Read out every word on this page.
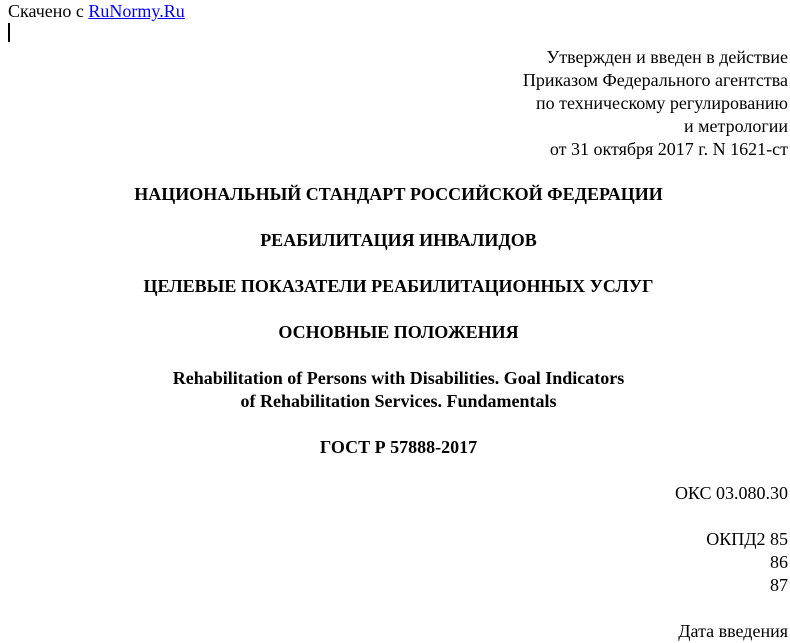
Скачено с RuNormy.Ru
Утвержден и введен в действие
Приказом Федерального агентства
по техническому регулированию
и метрологии
от 31 октября 2017 г. N 1621-ст
НАЦИОНАЛЬНЫЙ СТАНДАРТ РОССИЙСКОЙ ФЕДЕРАЦИИ
РЕАБИЛИТАЦИЯ ИНВАЛИДОВ
ЦЕЛЕВЫЕ ПОКАЗАТЕЛИ РЕАБИЛИТАЦИОННЫХ УСЛУГ
ОСНОВНЫЕ ПОЛОЖЕНИЯ
Rehabilitation of Persons with Disabilities. Goal Indicators
of Rehabilitation Services. Fundamentals
ГОСТ Р 57888-2017
ОКС 03.080.30
ОКПД2 85
86
87
Дата введения
